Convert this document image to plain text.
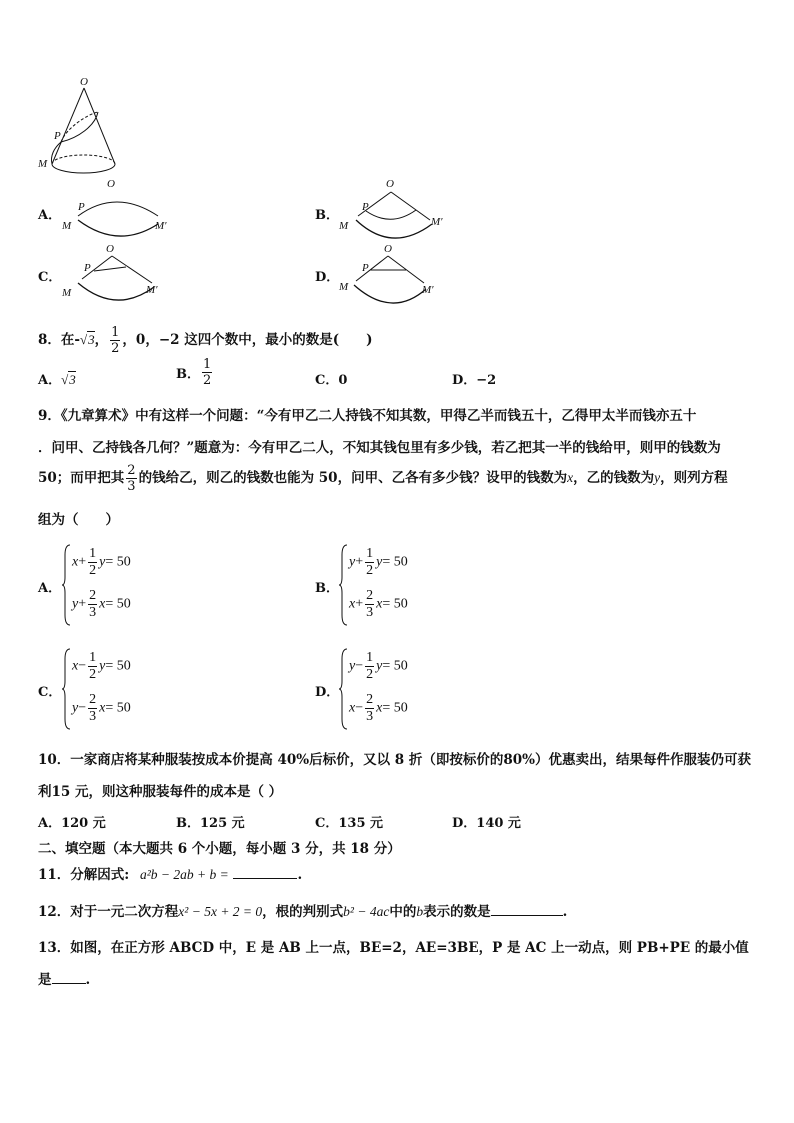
O
P
M
A．
O
P
M	M′
B．
O
P
M	M′
C．
O
P
M	M′
D．
O
P
M	M′
8．在-√3， $\frac{1}{2}$ ，0，−2 这四个数中，最小的数是(　　)
A．√3	B． $\frac{1}{2}$	C．0	D．−2
9．《九章算术》中有这样一个问题：“今有甲乙二人持钱不知其数，甲得乙半而钱五十，乙得甲太半而钱亦五十
．问甲、乙持钱各几何？”题意为：今有甲乙二人，不知其钱包里有多少钱，若乙把其一半的钱给甲，则甲的钱数为
50；而甲把其 $\frac{2}{3}$ 的钱给乙，则乙的钱数也能为 50，问甲、乙各有多少钱？设甲的钱数为x，乙的钱数为y，则列方程
组为（　　）
A．
$x+ \frac{1}{2} y= 50$
$y+ \frac{2}{3} x= 50$
B．
$y+ \frac{1}{2} y= 50$
$x+ \frac{2}{3} x= 50$
C．
$x- \frac{1}{2} y= 50$
$y- \frac{2}{3} x= 50$
D．
$y- \frac{1}{2} y= 50$
$x- \frac{2}{3} x= 50$
10．一家商店将某种服装按成本价提高 40%后标价，又以 8 折（即按标价的80%）优惠卖出，结果每件作服装仍可获
利15 元，则这种服装每件的成本是（ ）
A．120 元	B．125 元	C．135 元	D．140 元
二、填空题（本大题共 6 个小题，每小题 3 分，共 18 分）
11．分解因式: a²b − 2ab + b =	.
12．对于一元二次方程x² − 5x + 2 = 0，根的判别式b² − 4ac中的b表示的数是	.
13．如图，在正方形 ABCD 中，E 是 AB 上一点，BE=2，AE=3BE，P 是 AC 上一动点，则 PB+PE 的最小值
是	.
